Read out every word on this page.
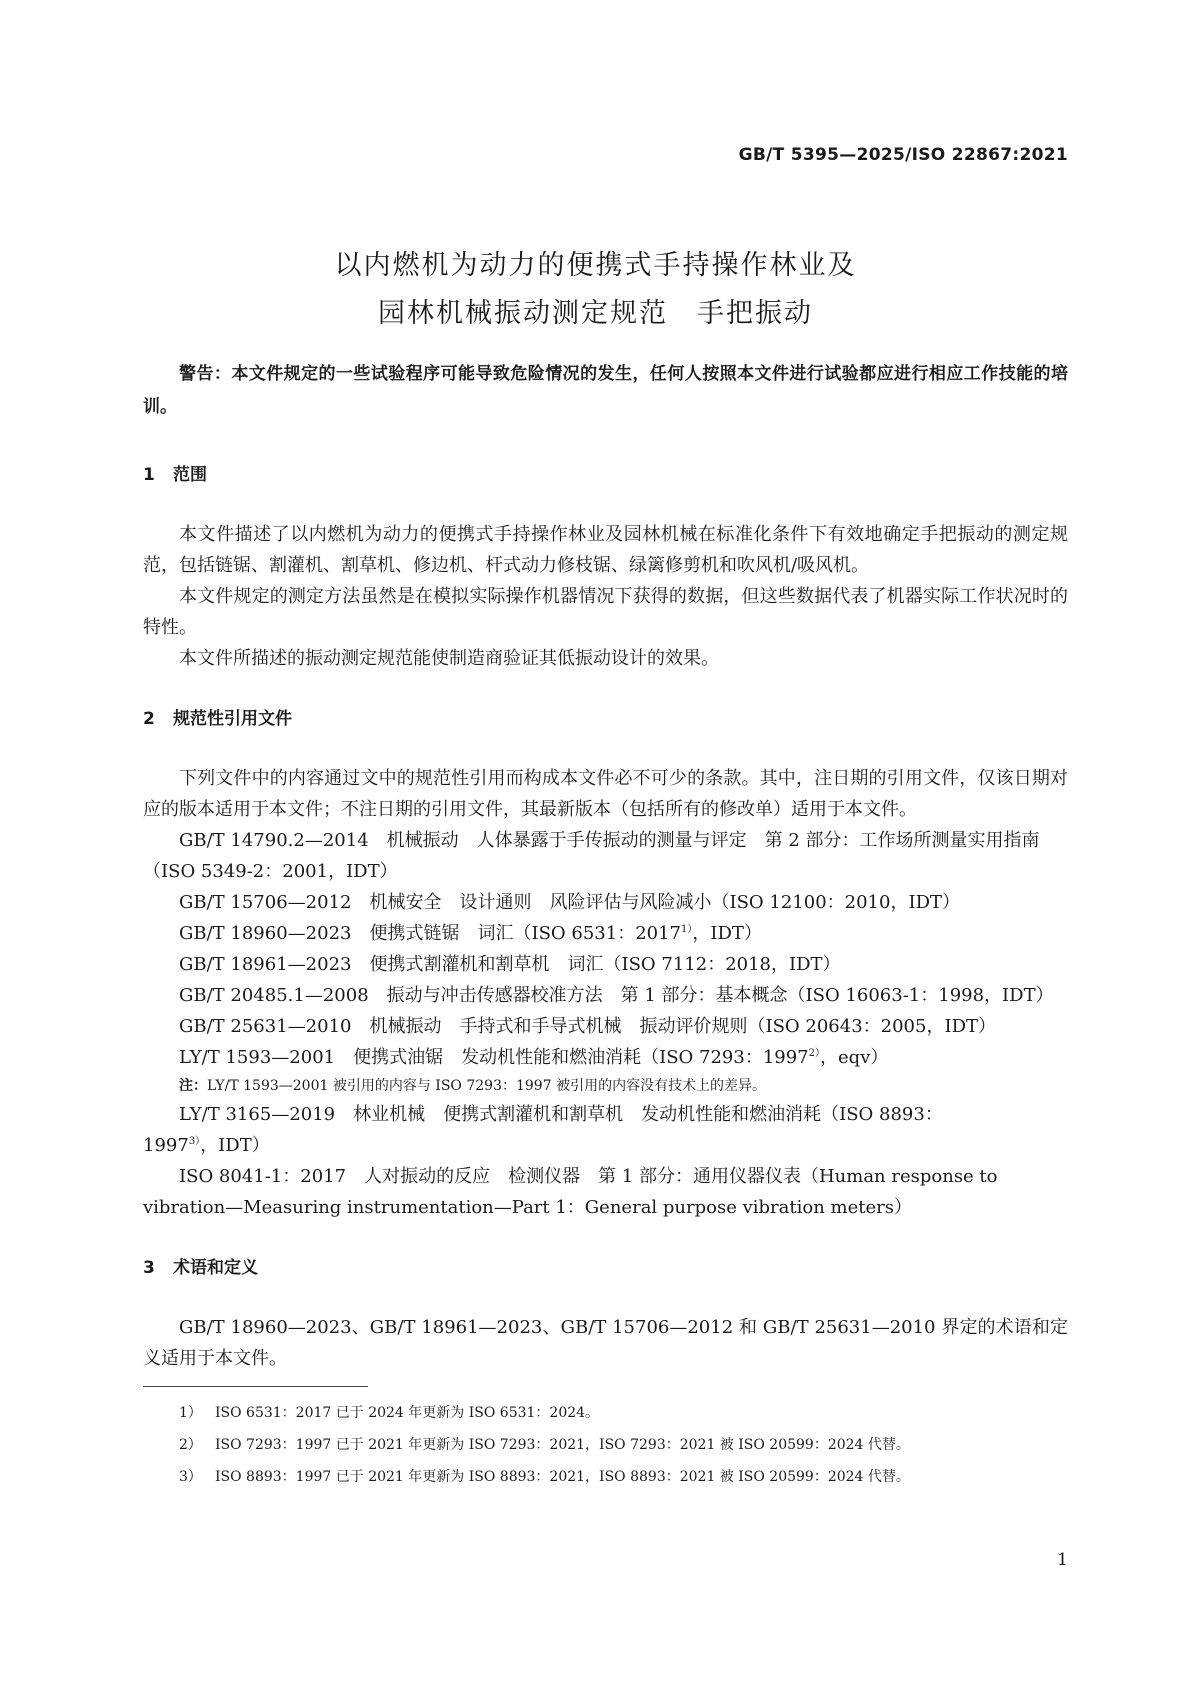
GB/T 5395—2025/ISO 22867:2021
以内燃机为动力的便携式手持操作林业及
园林机械振动测定规范　手把振动

警告：本文件规定的一些试验程序可能导致危险情况的发生，任何人按照本文件进行试验都应进行相应工作技能的培训。

1 范围

本文件描述了以内燃机为动力的便携式手持操作林业及园林机械在标准化条件下有效地确定手把振动的测定规范，包括链锯、割灌机、割草机、修边机、杆式动力修枝锯、绿篱修剪机和吹风机/吸风机。

本文件规定的测定方法虽然是在模拟实际操作机器情况下获得的数据，但这些数据代表了机器实际工作状况时的特性。

本文件所描述的振动测定规范能使制造商验证其低振动设计的效果。

2 规范性引用文件

下列文件中的内容通过文中的规范性引用而构成本文件必不可少的条款。其中，注日期的引用文件，仅该日期对应的版本适用于本文件；不注日期的引用文件，其最新版本（包括所有的修改单）适用于本文件。

GB/T 14790.2—2014　机械振动　人体暴露于手传振动的测量与评定　第 2 部分：工作场所测量实用指南（ISO 5349-2：2001，IDT）

GB/T 15706—2012　机械安全　设计通则　风险评估与风险减小（ISO 12100：2010，IDT）

GB/T 18960—2023　便携式链锯　词汇（ISO 6531：$2017^{1)}$，IDT）

GB/T 18961—2023　便携式割灌机和割草机　词汇（ISO 7112：2018，IDT）

GB/T 20485.1—2008　振动与冲击传感器校准方法　第 1 部分：基本概念（ISO 16063-1：1998，IDT）

GB/T 25631—2010　机械振动　手持式和手导式机械　振动评价规则（ISO 20643：2005，IDT）

LY/T 1593—2001　便携式油锯　发动机性能和燃油消耗（ISO 7293：$1997^{2)}$，eqv）

注：LY/T 1593—2001 被引用的内容与 ISO 7293：1997 被引用的内容没有技术上的差异。

LY/T 3165—2019　林业机械　便携式割灌机和割草机　发动机性能和燃油消耗（ISO 8893：$1997^{3)}$，IDT）

ISO 8041-1：2017　人对振动的反应　检测仪器　第 1 部分：通用仪器仪表（Human response to vibration—Measuring instrumentation—Part 1：General purpose vibration meters）

3 术语和定义

GB/T 18960—2023、GB/T 18961—2023、GB/T 15706—2012 和 GB/T 25631—2010 界定的术语和定义适用于本文件。

1） ISO 6531：2017 已于 2024 年更新为 ISO 6531：2024。

2） ISO 7293：1997 已于 2021 年更新为 ISO 7293：2021，ISO 7293：2021 被 ISO 20599：2024 代替。

3） ISO 8893：1997 已于 2021 年更新为 ISO 8893：2021，ISO 8893：2021 被 ISO 20599：2024 代替。

1
